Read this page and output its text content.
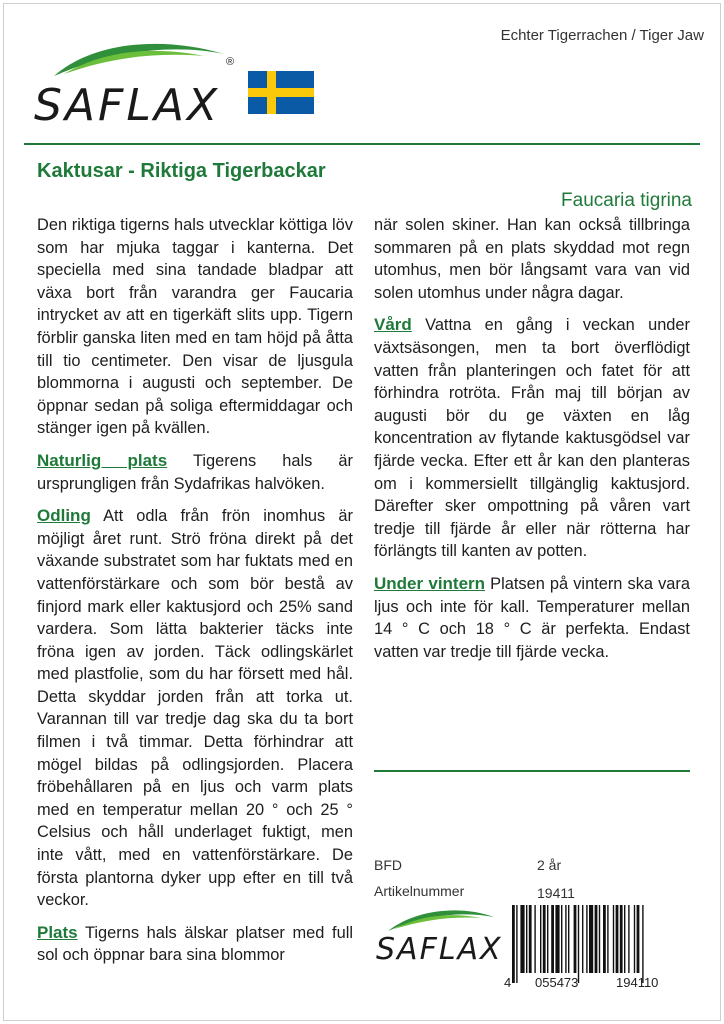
SAFLAX
®
Echter Tigerrachen / Tiger Jaw
Kaktusar - Riktiga Tigerbackar
Faucaria tigrina

Den riktiga tigerns hals utvecklar köttiga löv som har mjuka taggar i kanterna. Det speciella med sina tandade bladpar att växa bort från varandra ger Faucaria intrycket av att en tigerkäft slits upp. Tigern förblir ganska liten med en tam höjd på åtta till tio centimeter. Den visar de ljusgula blommorna i augusti och september. De öppnar sedan på soliga eftermiddagar och stänger igen på kvällen.

Naturlig plats Tigerens hals är ursprungligen från Sydafrikas halvöken.

Odling Att odla från frön inomhus är möjligt året runt. Strö fröna direkt på det växande substratet som har fuktats med en vattenförstärkare och som bör bestå av finjord mark eller kaktusjord och 25% sand vardera. Som lätta bakterier täcks inte fröna igen av jorden. Täck odlingskärlet med plastfolie, som du har försett med hål. Detta skyddar jorden från att torka ut. Varannan till var tredje dag ska du ta bort filmen i två timmar. Detta förhindrar att mögel bildas på odlingsjorden. Placera fröbehållaren på en ljus och varm plats med en temperatur mellan 20 ° och 25 ° Celsius och håll underlaget fuktigt, men inte vått, med en vattenförstärkare. De första plantorna dyker upp efter en till två veckor.

Plats Tigerns hals älskar platser med full sol och öppnar bara sina blommor

när solen skiner. Han kan också tillbringa sommaren på en plats skyddad mot regn utomhus, men bör långsamt vara van vid solen utomhus under några dagar.

Vård Vattna en gång i veckan under växtsäsongen, men ta bort överflödigt vatten från planteringen och fatet för att förhindra rotröta. Från maj till början av augusti bör du ge växten en låg koncentration av flytande kaktusgödsel var fjärde vecka. Efter ett år kan den planteras om i kommersiellt tillgänglig kaktusjord. Därefter sker ompottning på våren vart tredje till fjärde år eller när rötterna har förlängts till kanten av potten.

Under vintern Platsen på vintern ska vara ljus och inte för kall. Temperaturer mellan 14 ° C och 18 ° C är perfekta. Endast vatten var tredje till fjärde vecka.

BFD	2 år
Artikelnummer	19411
SAFLAX
4 055473	194110
